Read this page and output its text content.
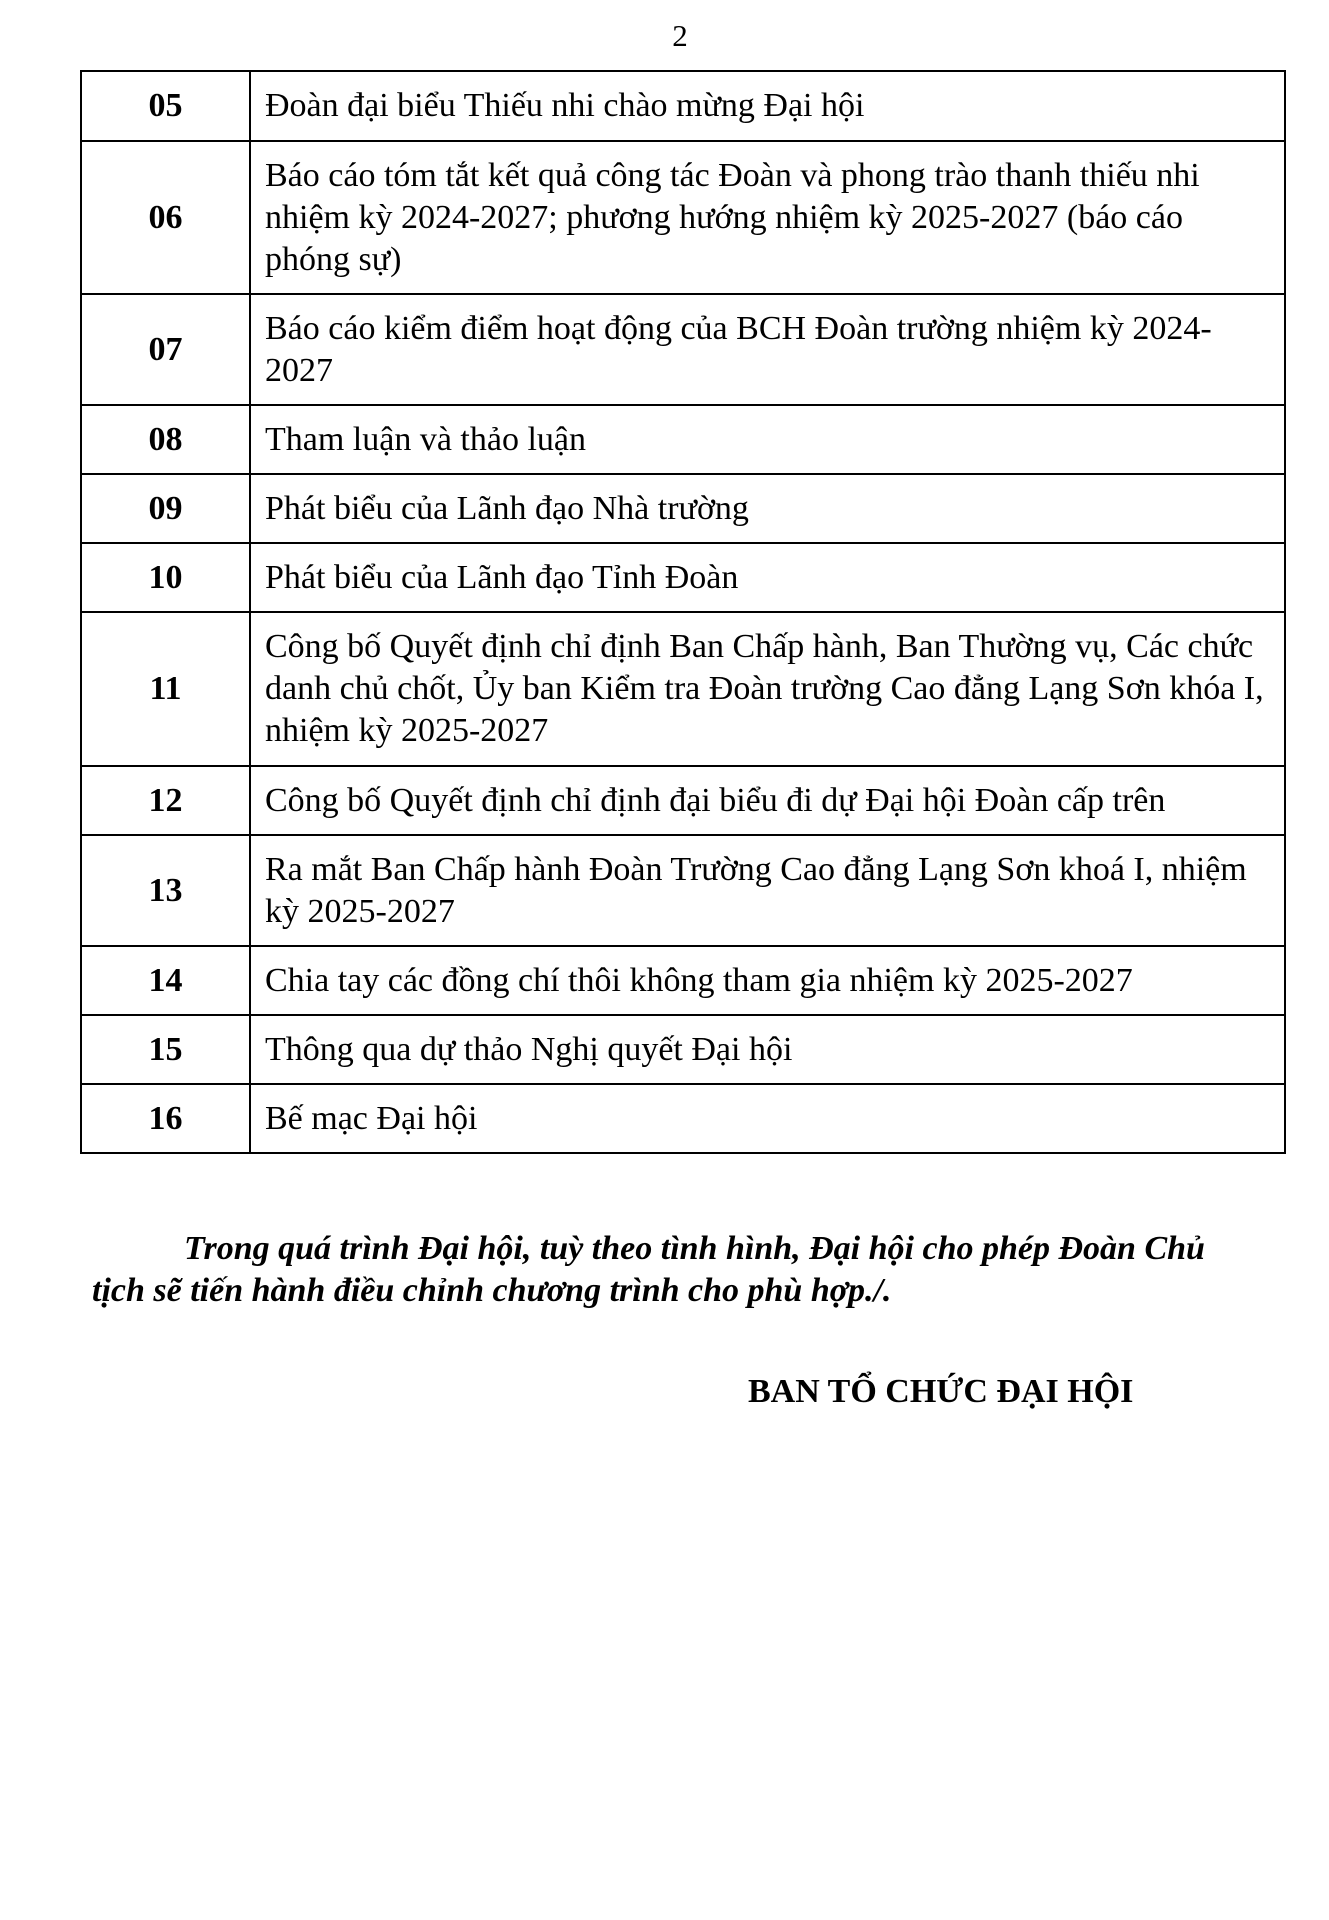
2
05	Đoàn đại biểu Thiếu nhi chào mừng Đại hội
06	Báo cáo tóm tắt kết quả công tác Đoàn và phong trào thanh thiếu nhi nhiệm kỳ 2024-2027; phương hướng nhiệm kỳ 2025-2027 (báo cáo phóng sự)
07	Báo cáo kiểm điểm hoạt động của BCH Đoàn trường nhiệm kỳ 2024-2027
08	Tham luận và thảo luận
09	Phát biểu của Lãnh đạo Nhà trường
10	Phát biểu của Lãnh đạo Tỉnh Đoàn
11	Công bố Quyết định chỉ định Ban Chấp hành, Ban Thường vụ, Các chức danh chủ chốt, Ủy ban Kiểm tra Đoàn trường Cao đẳng Lạng Sơn khóa I, nhiệm kỳ 2025-2027
12	Công bố Quyết định chỉ định đại biểu đi dự Đại hội Đoàn cấp trên
13	Ra mắt Ban Chấp hành Đoàn Trường Cao đẳng Lạng Sơn khoá I, nhiệm kỳ 2025-2027
14	Chia tay các đồng chí thôi không tham gia nhiệm kỳ 2025-2027
15	Thông qua dự thảo Nghị quyết Đại hội
16	Bế mạc Đại hội

Trong quá trình Đại hội, tuỳ theo tình hình, Đại hội cho phép Đoàn Chủ tịch sẽ tiến hành điều chỉnh chương trình cho phù hợp./.

BAN TỔ CHỨC ĐẠI HỘI
